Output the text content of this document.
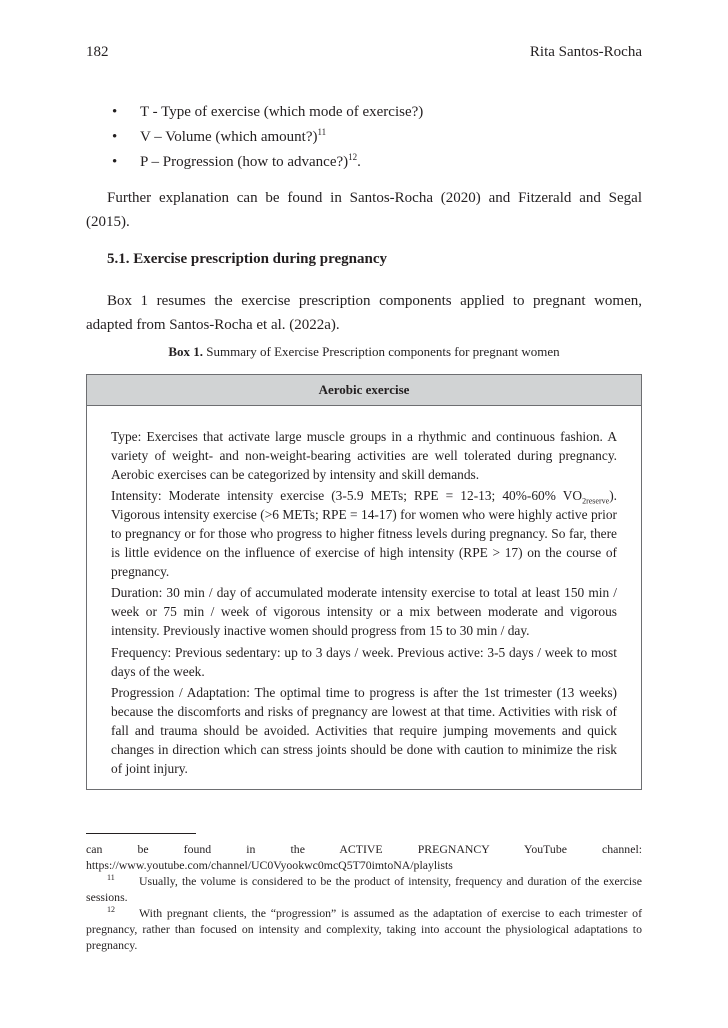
182	Rita Santos-Rocha
• T - Type of exercise (which mode of exercise?)
• V – Volume (which amount?)$^{11}$
• P – Progression (how to advance?)$^{12}$.

Further explanation can be found in Santos-Rocha (2020) and Fitzerald and Segal (2015).

5.1. Exercise prescription during pregnancy

Box 1 resumes the exercise prescription components applied to pregnant women, adapted from Santos-Rocha et al. (2022a).

Box 1. Summary of Exercise Prescription components for pregnant women
Aerobic exercise

Type: Exercises that activate large muscle groups in a rhythmic and continuous fashion. A variety of weight- and non-weight-bearing activities are well tolerated during pregnancy. Aerobic exercises can be categorized by intensity and skill demands.

Intensity: Moderate intensity exercise (3-5.9 METs; RPE = 12-13; 40%-60% $VO_{2reserve}$). Vigorous intensity exercise (>6 METs; RPE = 14-17) for women who were highly active prior to pregnancy or for those who progress to higher fitness levels during pregnancy. So far, there is little evidence on the influence of exercise of high intensity (RPE > 17) on the course of pregnancy.

Duration: 30 min / day of accumulated moderate intensity exercise to total at least 150 min / week or 75 min / week of vigorous intensity or a mix between moderate and vigorous intensity. Previously inactive women should progress from 15 to 30 min / day.

Frequency: Previous sedentary: up to 3 days / week. Previous active: 3-5 days / week to most days of the week.

Progression / Adaptation: The optimal time to progress is after the 1st trimester (13 weeks) because the discomforts and risks of pregnancy are lowest at that time. Activities with risk of fall and trauma should be avoided. Activities that require jumping movements and quick changes in direction which can stress joints should be done with caution to minimize the risk of joint injury.

can be found in the ACTIVE PREGNANCY YouTube channel: https://www.youtube.com/channel/UC0Vyookwc0mcQ5T70imtoNA/playlists

11 Usually, the volume is considered to be the product of intensity, frequency and duration of the exercise sessions.

12 With pregnant clients, the “progression” is assumed as the adaptation of exercise to each trimester of pregnancy, rather than focused on intensity and complexity, taking into account the physiological adaptations to pregnancy.
